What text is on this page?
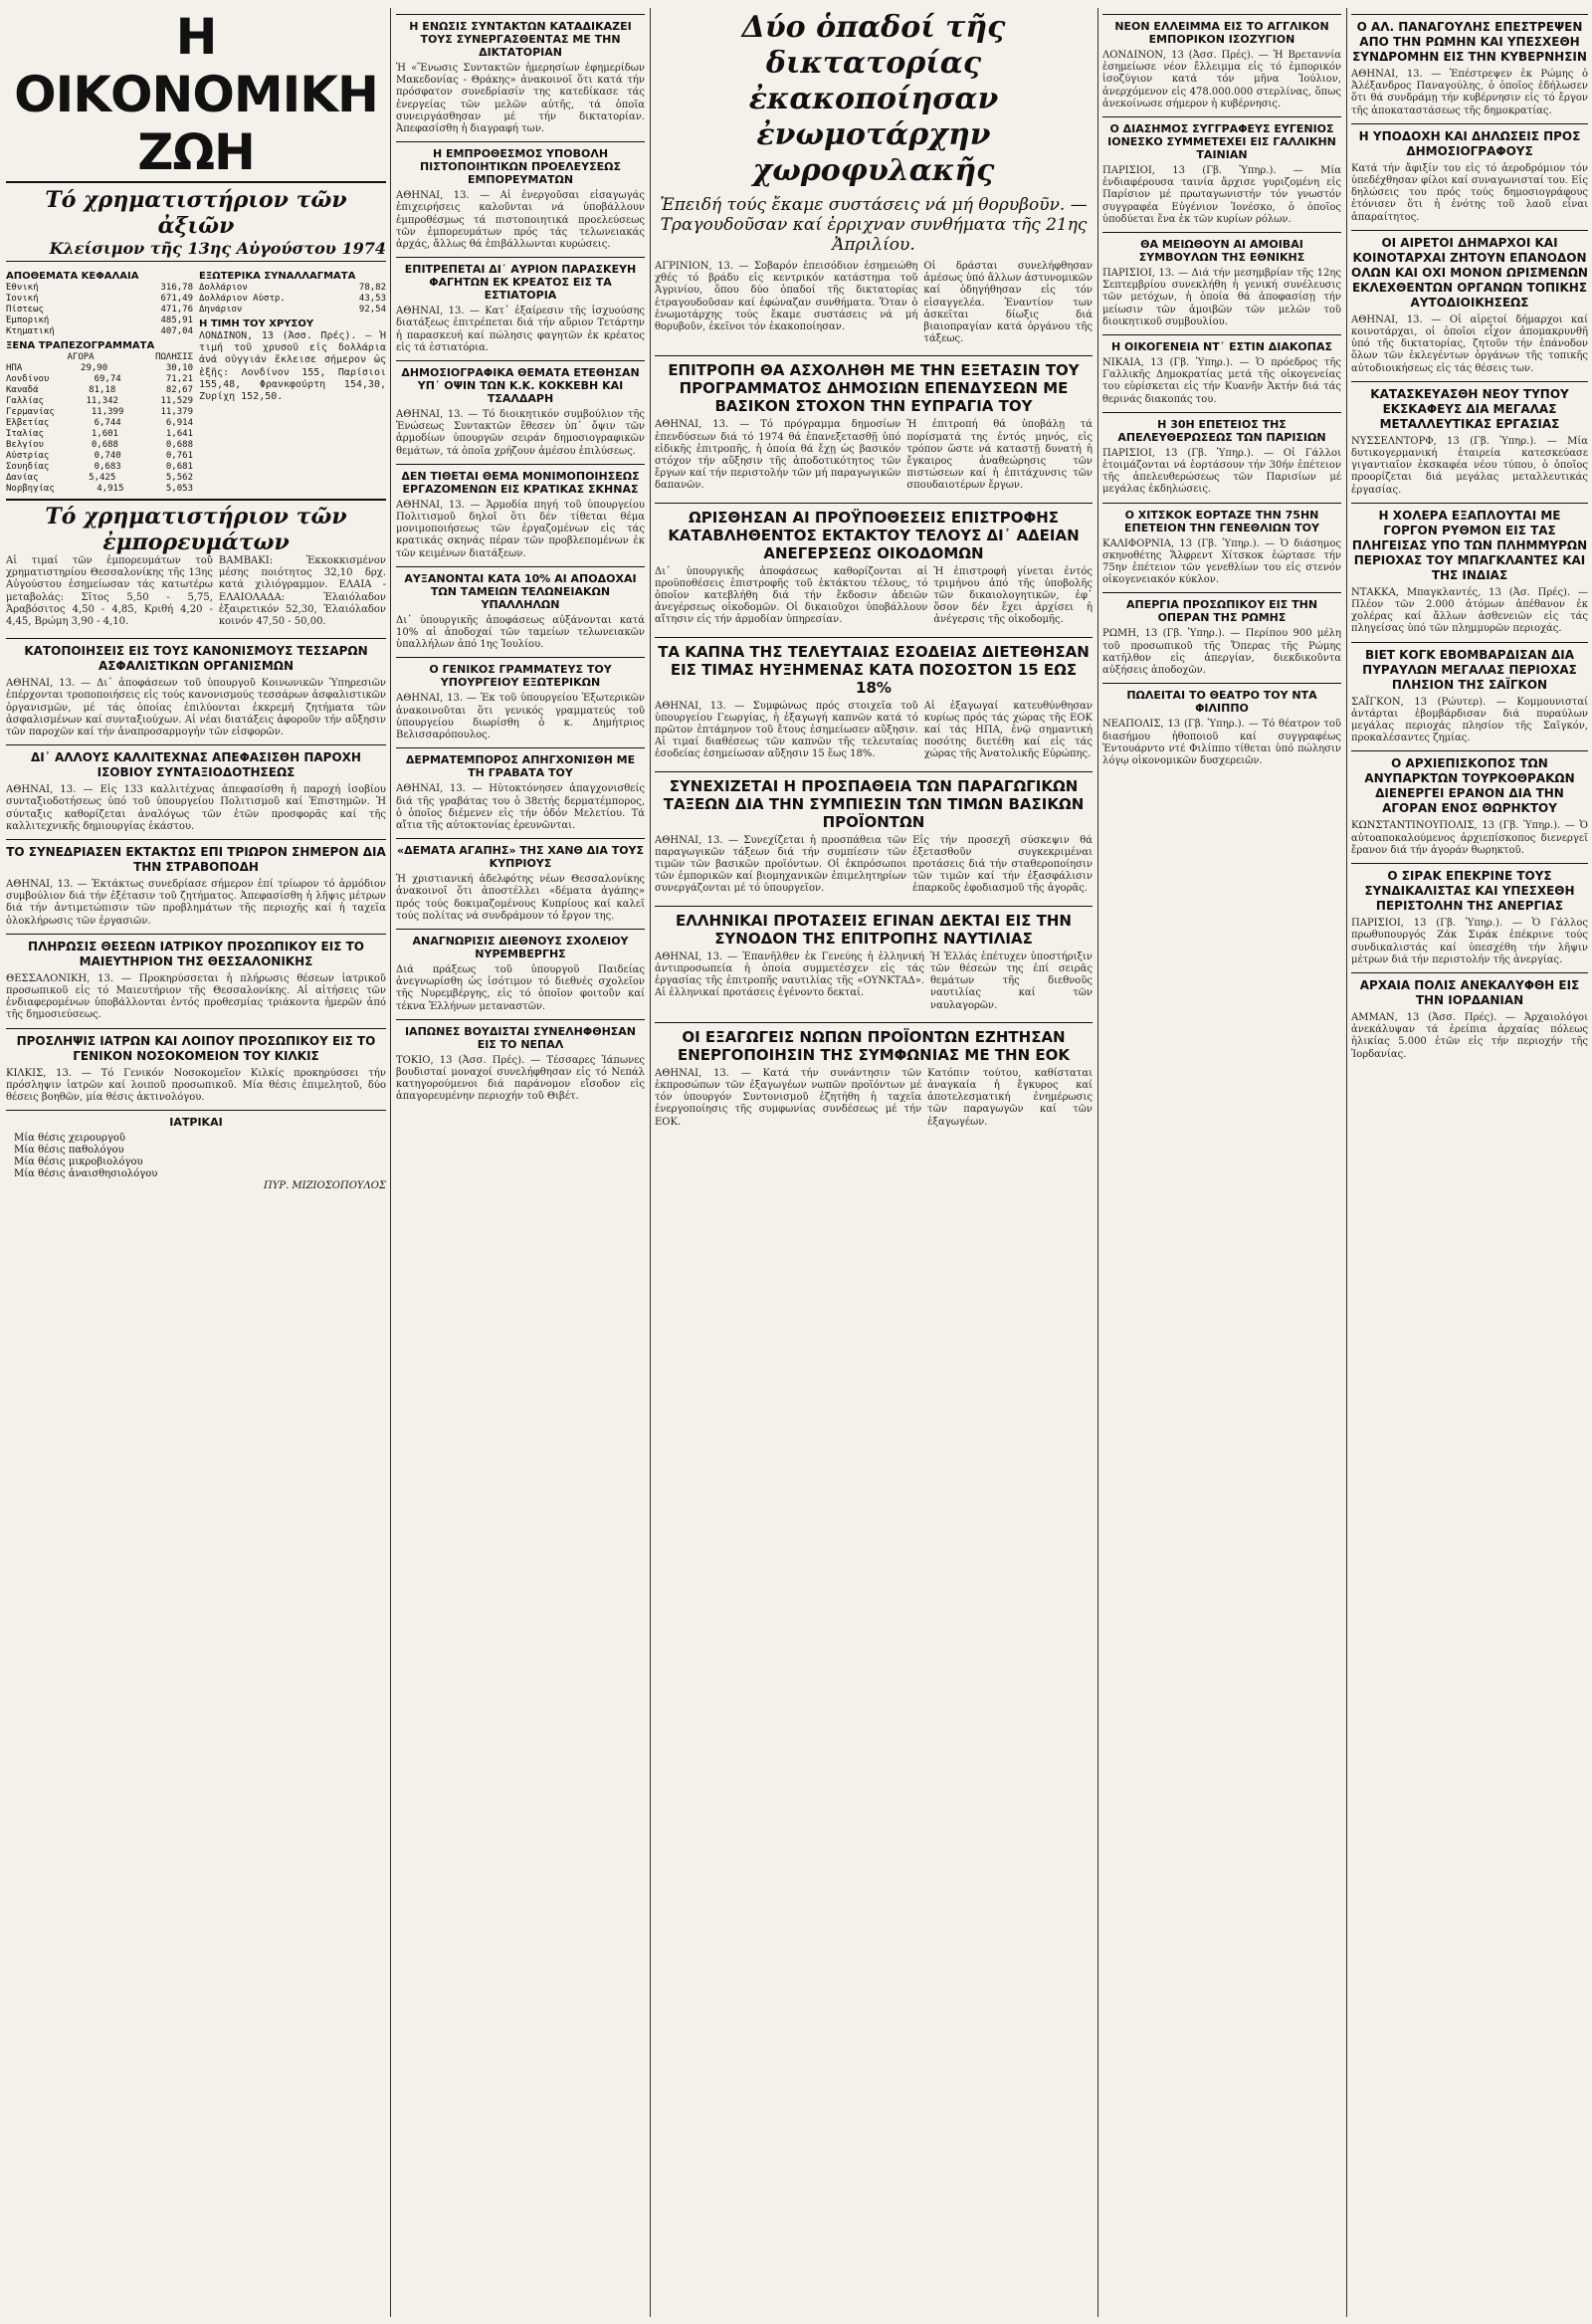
Η ΟΙΚΟΝΟΜΙΚΗ ΖΩΗ
Τό χρηματιστήριον τῶν ἀξιῶν
Κλείσιμον τῆς 13ης Αὐγούστου 1974
ΑΠΟΘΕΜΑΤΑ ΚΕΦΑΛΑΙΑ
Ἐθνική	316,78
Ἰονική	671,49
Πίστεως	471,76
Ἐμπορική	485,91
Κτηματική	407,04
ΞΕΝΑ ΤΡΑΠΕΖΟΓΡΑΜΜΑΤΑ
ΑΓΟΡΑ	ΠΩΛΗΣΙΣ
ΗΠΑ	29,90	30,10
Λονδίνου	69,74	71,21
Καναδά	81,18	82,67
Γαλλίας	11,342	11,529
Γερμανίας	11,399	11,379
Ἑλβετίας	6,744	6,914
Ἰταλίας	1,601	1,641
Βελγίου	0,688	0,688
Αὐστρίας	0,740	0,761
Σουηδίας	0,683	0,681
Δανίας	5,425	5,562
Νορβηγίας	4,915	5,053
ΕΞΩΤΕΡΙΚΑ ΣΥΝΑΛΛΑΓΜΑΤΑ
Δολλάριον	78,82
Δολλάριον Αὐστρ.	43,53
Δηνάριον	92,54
Η ΤΙΜΗ ΤΟΥ ΧΡΥΣΟΥ

ΛΟΝΔΙΝΟΝ, 13 (Ἀσσ. Πρές). — Ἡ τιμή τοῦ χρυσοῦ εἰς δολλάρια ἀνά οὐγγιάν ἔκλεισε σήμερον ὡς ἑξῆς: Λονδίνον 155, Παρίσιοι 155,48, Φρανκφούρτη 154,30, Ζυρίχη 152,50.

Τό χρηματιστήριον τῶν ἐμπορευμάτων

Αἱ τιμαί τῶν ἐμπορευμάτων τοῦ χρηματιστηρίου Θεσσαλονίκης τῆς 13ης Αὐγούστου ἐσημείωσαν τάς κατωτέρω μεταβολάς: Σῖτος 5,50 - 5,75, Ἀραβόσιτος 4,50 - 4,85, Κριθή 4,20 - 4,45, Βρώμη 3,90 - 4,10.

ΒΑΜΒΑΚΙ: Ἐκκοκκισμένον μέσης ποιότητος 32,10 δρχ. κατά χιλιόγραμμον. ΕΛΑΙΑ - ΕΛΑΙΟΛΑΔΑ: Ἐλαιόλαδον ἐξαιρετικόν 52,30, Ἐλαιόλαδον κοινόν 47,50 - 50,00.

ΚΑΤΟΠΟΙΗΣΕΙΣ ΕΙΣ ΤΟΥΣ ΚΑΝΟΝΙΣΜΟΥΣ ΤΕΣΣΑΡΩΝ ΑΣΦΑΛΙΣΤΙΚΩΝ ΟΡΓΑΝΙΣΜΩΝ

ΑΘΗΝΑΙ, 13. — Δι᾿ ἀποφάσεων τοῦ ὑπουργοῦ Κοινωνικῶν Ὑπηρεσιῶν ἐπέρχονται τροποποιήσεις εἰς τούς κανονισμούς τεσσάρων ἀσφαλιστικῶν ὀργανισμῶν, μέ τάς ὁποίας ἐπιλύονται ἐκκρεμή ζητήματα τῶν ἀσφαλισμένων καί συνταξιούχων. Αἱ νέαι διατάξεις ἀφοροῦν τήν αὔξησιν τῶν παροχῶν καί τήν ἀναπροσαρμογήν τῶν εἰσφορῶν.

ΔΙ᾿ ΑΛΛΟΥΣ ΚΑΛΛΙΤΕΧΝΑΣ ΑΠΕΦΑΣΙΣΘΗ ΠΑΡΟΧΗ ΙΣΟΒΙΟΥ ΣΥΝΤΑΞΙΟΔΟΤΗΣΕΩΣ

ΑΘΗΝΑΙ, 13. — Εἰς 133 καλλιτέχνας ἀπεφασίσθη ἡ παροχή ἰσοβίου συνταξιοδοτήσεως ὑπό τοῦ ὑπουργείου Πολιτισμοῦ καί Ἐπιστημῶν. Ἡ σύνταξις καθορίζεται ἀναλόγως τῶν ἐτῶν προσφορᾶς καί τῆς καλλιτεχνικῆς δημιουργίας ἑκάστου.

ΤΟ ΣΥΝΕΔΡΙΑΣΕΝ ΕΚΤΑΚΤΩΣ ΕΠΙ ΤΡΙΩΡΟΝ ΣΗΜΕΡΟΝ ΔΙΑ ΤΗΝ ΣΤΡΑΒΟΠΟΔΗ

ΑΘΗΝΑΙ, 13. — Ἐκτάκτως συνεδρίασε σήμερον ἐπί τρίωρον τό ἁρμόδιον συμβούλιον διά τήν ἐξέτασιν τοῦ ζητήματος. Ἀπεφασίσθη ἡ λῆψις μέτρων διά τήν ἀντιμετώπισιν τῶν προβλημάτων τῆς περιοχῆς καί ἡ ταχεῖα ὁλοκλήρωσις τῶν ἐργασιῶν.

ΠΛΗΡΩΣΙΣ ΘΕΣΕΩΝ ΙΑΤΡΙΚΟΥ ΠΡΟΣΩΠΙΚΟΥ ΕΙΣ ΤΟ ΜΑΙΕΥΤΗΡΙΟΝ ΤΗΣ ΘΕΣΣΑΛΟΝΙΚΗΣ

ΘΕΣΣΑΛΟΝΙΚΗ, 13. — Προκηρύσσεται ἡ πλήρωσις θέσεων ἰατρικοῦ προσωπικοῦ εἰς τό Μαιευτήριον τῆς Θεσσαλονίκης. Αἱ αἰτήσεις τῶν ἐνδιαφερομένων ὑποβάλλονται ἐντός προθεσμίας τριάκοντα ἡμερῶν ἀπό τῆς δημοσιεύσεως.

ΠΡΟΣΛΗΨΙΣ ΙΑΤΡΩΝ ΚΑΙ ΛΟΙΠΟΥ ΠΡΟΣΩΠΙΚΟΥ ΕΙΣ ΤΟ ΓΕΝΙΚΟΝ ΝΟΣΟΚΟΜΕΙΟΝ ΤΟΥ ΚΙΛΚΙΣ

ΚΙΛΚΙΣ, 13. — Τό Γενικόν Νοσοκομεῖον Κιλκίς προκηρύσσει τήν πρόσληψιν ἰατρῶν καί λοιποῦ προσωπικοῦ. Μία θέσις ἐπιμελητοῦ, δύο θέσεις βοηθῶν, μία θέσις ἀκτινολόγου.

ΙΑΤΡΙΚΑΙ
Μία θέσις χειρουργοῦ
Μία θέσις παθολόγου
Μία θέσις μικροβιολόγου
Μία θέσις ἀναισθησιολόγου
ΠΥΡ. ΜΙΖΙΟΣΟΠΟΥΛΟΣ
Η ΕΝΩΣΙΣ ΣΥΝΤΑΚΤΩΝ ΚΑΤΑΔΙΚΑΖΕΙ ΤΟΥΣ ΣΥΝΕΡΓΑΣΘΕΝΤΑΣ ΜΕ ΤΗΝ ΔΙΚΤΑΤΟΡΙΑΝ

Ἡ «Ἕνωσις Συντακτῶν ἡμερησίων ἐφημερίδων Μακεδονίας - Θράκης» ἀνακοινοῖ ὅτι κατά τήν πρόσφατον συνεδρίασίν της κατεδίκασε τάς ἐνεργείας τῶν μελῶν αὐτῆς, τά ὁποῖα συνειργάσθησαν μέ τήν δικτατορίαν. Ἀπεφασίσθη ἡ διαγραφή των.

Η ΕΜΠΡΟΘΕΣΜΟΣ ΥΠΟΒΟΛΗ ΠΙΣΤΟΠΟΙΗΤΙΚΩΝ ΠΡΟΕΛΕΥΣΕΩΣ ΕΜΠΟΡΕΥΜΑΤΩΝ

ΑΘΗΝΑΙ, 13. — Αἱ ἐνεργοῦσαι εἰσαγωγάς ἐπιχειρήσεις καλοῦνται νά ὑποβάλλουν ἐμπροθέσμως τά πιστοποιητικά προελεύσεως τῶν ἐμπορευμάτων πρός τάς τελωνειακάς ἀρχάς, ἄλλως θά ἐπιβάλλωνται κυρώσεις.

ΕΠΙΤΡΕΠΕΤΑΙ ΔΙ᾿ ΑΥΡΙΟΝ ΠΑΡΑΣΚΕΥΗ ΦΑΓΗΤΩΝ ΕΚ ΚΡΕΑΤΟΣ ΕΙΣ ΤΑ ΕΣΤΙΑΤΟΡΙΑ

ΑΘΗΝΑΙ, 13. — Κατ᾿ ἐξαίρεσιν τῆς ἰσχυούσης διατάξεως ἐπιτρέπεται διά τήν αὔριον Τετάρτην ἡ παρασκευή καί πώλησις φαγητῶν ἐκ κρέατος εἰς τά ἑστιατόρια.

ΔΗΜΟΣΙΟΓΡΑΦΙΚΑ ΘΕΜΑΤΑ ΕΤΕΘΗΣΑΝ ΥΠ᾿ ΟΨΙΝ ΤΩΝ Κ.Κ. ΚΟΚΚΕΒΗ ΚΑΙ ΤΣΑΛΔΑΡΗ

ΑΘΗΝΑΙ, 13. — Τό διοικητικόν συμβούλιον τῆς Ἑνώσεως Συντακτῶν ἔθεσεν ὑπ᾿ ὄψιν τῶν ἁρμοδίων ὑπουργῶν σειράν δημοσιογραφικῶν θεμάτων, τά ὁποῖα χρήζουν ἀμέσου ἐπιλύσεως.

ΔΕΝ ΤΙΘΕΤΑΙ ΘΕΜΑ ΜΟΝΙΜΟΠΟΙΗΣΕΩΣ ΕΡΓΑΖΟΜΕΝΩΝ ΕΙΣ ΚΡΑΤΙΚΑΣ ΣΚΗΝΑΣ

ΑΘΗΝΑΙ, 13. — Ἁρμοδία πηγή τοῦ ὑπουργείου Πολιτισμοῦ δηλοῖ ὅτι δέν τίθεται θέμα μονιμοποιήσεως τῶν ἐργαζομένων εἰς τάς κρατικάς σκηνάς πέραν τῶν προβλεπομένων ἐκ τῶν κειμένων διατάξεων.

ΑΥΞΑΝΟΝΤΑΙ ΚΑΤΑ 10% ΑΙ ΑΠΟΔΟΧΑΙ ΤΩΝ ΤΑΜΕΙΩΝ ΤΕΛΩΝΕΙΑΚΩΝ ΥΠΑΛΛΗΛΩΝ

Δι᾿ ὑπουργικῆς ἀποφάσεως αὐξάνονται κατά 10% αἱ ἀποδοχαί τῶν ταμείων τελωνειακῶν ὑπαλλήλων ἀπό 1ης Ἰουλίου.

Ο ΓΕΝΙΚΟΣ ΓΡΑΜΜΑΤΕΥΣ ΤΟΥ ΥΠΟΥΡΓΕΙΟΥ ΕΞΩΤΕΡΙΚΩΝ

ΑΘΗΝΑΙ, 13. — Ἐκ τοῦ ὑπουργείου Ἐξωτερικῶν ἀνακοινοῦται ὅτι γενικός γραμματεύς τοῦ ὑπουργείου διωρίσθη ὁ κ. Δημήτριος Βελισσαρόπουλος.

ΔΕΡΜΑΤΕΜΠΟΡΟΣ ΑΠΗΓΧΟΝΙΣΘΗ ΜΕ ΤΗ ΓΡΑΒΑΤΑ ΤΟΥ

ΑΘΗΝΑΙ, 13. — Ηὑτοκτόνησεν ἀπαγχονισθείς διά τῆς γραβάτας του ὁ 38ετής δερματέμπορος, ὁ ὁποῖος διέμενεν εἰς τήν ὁδόν Μελετίου. Τά αἴτια τῆς αὐτοκτονίας ἐρευνῶνται.

«ΔΕΜΑΤΑ ΑΓΑΠΗΣ» ΤΗΣ ΧΑΝΘ ΔΙΑ ΤΟΥΣ ΚΥΠΡΙΟΥΣ

Ἡ χριστιανική ἀδελφότης νέων Θεσσαλονίκης ἀνακοινοῖ ὅτι ἀποστέλλει «δέματα ἀγάπης» πρός τούς δοκιμαζομένους Κυπρίους καί καλεῖ τούς πολίτας νά συνδράμουν τό ἔργον της.

ΑΝΑΓΝΩΡΙΣΙΣ ΔΙΕΘΝΟΥΣ ΣΧΟΛΕΙΟΥ ΝΥΡΕΜΒΕΡΓΗΣ

Διά πράξεως τοῦ ὑπουργοῦ Παιδείας ἀνεγνωρίσθη ὡς ἰσότιμον τό διεθνές σχολεῖον τῆς Νυρεμβέργης, εἰς τό ὁποῖον φοιτοῦν καί τέκνα Ἑλλήνων μεταναστῶν.

ΙΑΠΩΝΕΣ ΒΟΥΔΙΣΤΑΙ ΣΥΝΕΛΗΦΘΗΣΑΝ ΕΙΣ ΤΟ ΝΕΠΑΛ

ΤΟΚΙΟ, 13 (Ἀσσ. Πρές). — Τέσσαρες Ἰάπωνες βουδισταί μοναχοί συνελήφθησαν εἰς τό Νεπάλ κατηγορούμενοι διά παράνομον εἴσοδον εἰς ἀπαγορευμένην περιοχήν τοῦ Θιβέτ.

Δύο ὁπαδοί τῆς δικτατορίας ἐκακοποίησαν ἐνωμοτάρχην χωροφυλακῆς
Ἐπειδή τούς ἔκαμε συστάσεις νά μή θορυβοῦν. — Τραγουδοῦσαν καί ἐρριχναν συνθήματα τῆς 21ης Ἀπριλίου.

ΑΓΡΙΝΙΟΝ, 13. — Σοβαρόν ἐπεισόδιον ἐσημειώθη χθές τό βράδυ εἰς κεντρικόν κατάστημα τοῦ Ἀγρινίου, ὅπου δύο ὁπαδοί τῆς δικτατορίας ἐτραγουδοῦσαν καί ἐφώναζαν συνθήματα. Ὅταν ὁ ἐνωμοτάρχης τούς ἔκαμε συστάσεις νά μή θορυβοῦν, ἐκεῖνοι τόν ἐκακοποίησαν.

Οἱ δράσται συνελήφθησαν ἀμέσως ὑπό ἄλλων ἀστυνομικῶν καί ὁδηγήθησαν εἰς τόν εἰσαγγελέα. Ἐναντίον των ἀσκεῖται δίωξις διά βιαιοπραγίαν κατά ὀργάνου τῆς τάξεως.

ΕΠΙΤΡΟΠΗ ΘΑ ΑΣΧΟΛΗΘΗ ΜΕ ΤΗΝ ΕΞΕΤΑΣΙΝ ΤΟΥ ΠΡΟΓΡΑΜΜΑΤΟΣ ΔΗΜΟΣΙΩΝ ΕΠΕΝΔΥΣΕΩΝ ΜΕ ΒΑΣΙΚΟΝ ΣΤΟΧΟΝ ΤΗΝ ΕΥΠΡΑΓΙΑ ΤΟΥ

ΑΘΗΝΑΙ, 13. — Τό πρόγραμμα δημοσίων ἐπενδύσεων διά τό 1974 θά ἐπανεξετασθῇ ὑπό εἰδικῆς ἐπιτροπῆς, ἡ ὁποία θά ἔχῃ ὡς βασικόν στόχον τήν αὔξησιν τῆς ἀποδοτικότητος τῶν ἔργων καί τήν περιστολήν τῶν μή παραγωγικῶν δαπανῶν.

Ἡ ἐπιτροπή θά ὑποβάλῃ τά πορίσματά της ἐντός μηνός, εἰς τρόπον ὥστε νά καταστῇ δυνατή ἡ ἔγκαιρος ἀναθεώρησις τῶν πιστώσεων καί ἡ ἐπιτάχυνσις τῶν σπουδαιοτέρων ἔργων.

ΩΡΙΣΘΗΣΑΝ ΑΙ ΠΡΟΫΠΟΘΕΣΕΙΣ ΕΠΙΣΤΡΟΦΗΣ ΚΑΤΑΒΛΗΘΕΝΤΟΣ ΕΚΤΑΚΤΟΥ ΤΕΛΟΥΣ ΔΙ᾿ ΑΔΕΙΑΝ ΑΝΕΓΕΡΣΕΩΣ ΟΙΚΟΔΟΜΩΝ

Δι᾿ ὑπουργικῆς ἀποφάσεως καθορίζονται αἱ προϋποθέσεις ἐπιστροφῆς τοῦ ἐκτάκτου τέλους, τό ὁποῖον κατεβλήθη διά τήν ἔκδοσιν ἀδειῶν ἀνεγέρσεως οἰκοδομῶν. Οἱ δικαιοῦχοι ὑποβάλλουν αἴτησιν εἰς τήν ἁρμοδίαν ὑπηρεσίαν.

Ἡ ἐπιστροφή γίνεται ἐντός τριμήνου ἀπό τῆς ὑποβολῆς τῶν δικαιολογητικῶν, ἐφ᾿ ὅσον δέν ἔχει ἀρχίσει ἡ ἀνέγερσις τῆς οἰκοδομῆς.

ΤΑ ΚΑΠΝΑ ΤΗΣ ΤΕΛΕΥΤΑΙΑΣ ΕΣΟΔΕΙΑΣ ΔΙΕΤΕΘΗΣΑΝ ΕΙΣ ΤΙΜΑΣ ΗΥΞΗΜΕΝΑΣ ΚΑΤΑ ΠΟΣΟΣΤΟΝ 15 ΕΩΣ 18%

ΑΘΗΝΑΙ, 13. — Συμφώνως πρός στοιχεῖα τοῦ ὑπουργείου Γεωργίας, ἡ ἐξαγωγή καπνῶν κατά τό πρῶτον ἑπτάμηνον τοῦ ἔτους ἐσημείωσεν αὔξησιν. Αἱ τιμαί διαθέσεως τῶν καπνῶν τῆς τελευταίας ἐσοδείας ἐσημείωσαν αὔξησιν 15 ἕως 18%.

Αἱ ἐξαγωγαί κατευθύνθησαν κυρίως πρός τάς χώρας τῆς ΕΟΚ καί τάς ΗΠΑ, ἐνῷ σημαντική ποσότης διετέθη καί εἰς τάς χώρας τῆς Ἀνατολικῆς Εὐρώπης.

ΣΥΝΕΧΙΖΕΤΑΙ Η ΠΡΟΣΠΑΘΕΙΑ ΤΩΝ ΠΑΡΑΓΩΓΙΚΩΝ ΤΑΞΕΩΝ ΔΙΑ ΤΗΝ ΣΥΜΠΙΕΣΙΝ ΤΩΝ ΤΙΜΩΝ ΒΑΣΙΚΩΝ ΠΡΟΪΟΝΤΩΝ

ΑΘΗΝΑΙ, 13. — Συνεχίζεται ἡ προσπάθεια τῶν παραγωγικῶν τάξεων διά τήν συμπίεσιν τῶν τιμῶν τῶν βασικῶν προϊόντων. Οἱ ἐκπρόσωποι τῶν ἐμπορικῶν καί βιομηχανικῶν ἐπιμελητηρίων συνεργάζονται μέ τό ὑπουργεῖον.

Εἰς τήν προσεχῆ σύσκεψιν θά ἐξετασθοῦν συγκεκριμέναι προτάσεις διά τήν σταθεροποίησιν τῶν τιμῶν καί τήν ἐξασφάλισιν ἐπαρκοῦς ἐφοδιασμοῦ τῆς ἀγορᾶς.

ΕΛΛΗΝΙΚΑΙ ΠΡΟΤΑΣΕΙΣ ΕΓΙΝΑΝ ΔΕΚΤΑΙ ΕΙΣ ΤΗΝ ΣΥΝΟΔΟΝ ΤΗΣ ΕΠΙΤΡΟΠΗΣ ΝΑΥΤΙΛΙΑΣ

ΑΘΗΝΑΙ, 13. — Ἐπανῆλθεν ἐκ Γενεύης ἡ ἑλληνική ἀντιπροσωπεία ἡ ὁποία συμμετέσχεν εἰς τάς ἐργασίας τῆς ἐπιτροπῆς ναυτιλίας τῆς «ΟΥΝΚΤΑΔ». Αἱ ἑλληνικαί προτάσεις ἐγένοντο δεκταί.

Ἡ Ἑλλάς ἐπέτυχεν ὑποστήριξιν τῶν θέσεών της ἐπί σειρᾶς θεμάτων τῆς διεθνοῦς ναυτιλίας καί τῶν ναυλαγορῶν.

ΟΙ ΕΞΑΓΩΓΕΙΣ ΝΩΠΩΝ ΠΡΟΪΟΝΤΩΝ ΕΖΗΤΗΣΑΝ ΕΝΕΡΓΟΠΟΙΗΣΙΝ ΤΗΣ ΣΥΜΦΩΝΙΑΣ ΜΕ ΤΗΝ ΕΟΚ

ΑΘΗΝΑΙ, 13. — Κατά τήν συνάντησιν τῶν ἐκπροσώπων τῶν ἐξαγωγέων νωπῶν προϊόντων μέ τόν ὑπουργόν Συντονισμοῦ ἐζητήθη ἡ ταχεῖα ἐνεργοποίησις τῆς συμφωνίας συνδέσεως μέ τήν ΕΟΚ.

Κατόπιν τούτου, καθίσταται ἀναγκαία ἡ ἔγκυρος καί ἀποτελεσματική ἐνημέρωσις τῶν παραγωγῶν καί τῶν ἐξαγωγέων.

ΝΕΟΝ ΕΛΛΕΙΜΜΑ ΕΙΣ ΤΟ ΑΓΓΛΙΚΟΝ ΕΜΠΟΡΙΚΟΝ ΙΣΟΖΥΓΙΟΝ

ΛΟΝΔΙΝΟΝ, 13 (Ἀσσ. Πρές). — Ἡ Βρεταννία ἐσημείωσε νέον ἔλλειμμα εἰς τό ἐμπορικόν ἰσοζύγιον κατά τόν μῆνα Ἰούλιον, ἀνερχόμενον εἰς 478.000.000 στερλίνας, ὅπως ἀνεκοίνωσε σήμερον ἡ κυβέρνησις.

Ο ΔΙΑΣΗΜΟΣ ΣΥΓΓΡΑΦΕΥΣ ΕΥΓΕΝΙΟΣ ΙΟΝΕΣΚΟ ΣΥΜΜΕΤΕΧΕΙ ΕΙΣ ΓΑΛΛΙΚΗΝ ΤΑΙΝΙΑΝ

ΠΑΡΙΣΙΟΙ, 13 (Γβ. Ὑπηρ.). — Μία ἐνδιαφέρουσα ταινία ἄρχισε γυριζομένη εἰς Παρίσιον μέ πρωταγωνιστήν τόν γνωστόν συγγραφέα Εὐγένιον Ἰονέσκο, ὁ ὁποῖος ὑποδύεται ἕνα ἐκ τῶν κυρίων ρόλων.

ΘΑ ΜΕΙΩΘΟΥΝ ΑΙ ΑΜΟΙΒΑΙ ΣΥΜΒΟΥΛΩΝ ΤΗΣ ΕΘΝΙΚΗΣ

ΠΑΡΙΣΙΟΙ, 13. — Διά τήν μεσημβρίαν τῆς 12ης Σεπτεμβρίου συνεκλήθη ἡ γενική συνέλευσις τῶν μετόχων, ἡ ὁποία θά ἀποφασίσῃ τήν μείωσιν τῶν ἀμοιβῶν τῶν μελῶν τοῦ διοικητικοῦ συμβουλίου.

Η ΟΙΚΟΓΕΝΕΙΑ ΝΤ᾿ ΕΣΤΙΝ ΔΙΑΚΟΠΑΣ

ΝΙΚΑΙΑ, 13 (Γβ. Ὑπηρ.). — Ὁ πρόεδρος τῆς Γαλλικῆς Δημοκρατίας μετά τῆς οἰκογενείας του εὑρίσκεται εἰς τήν Κυανῆν Ἀκτήν διά τάς θερινάς διακοπάς του.

Η 30Η ΕΠΕΤΕΙΟΣ ΤΗΣ ΑΠΕΛΕΥΘΕΡΩΣΕΩΣ ΤΩΝ ΠΑΡΙΣΙΩΝ

ΠΑΡΙΣΙΟΙ, 13 (Γβ. Ὑπηρ.). — Οἱ Γάλλοι ἑτοιμάζονται νά ἑορτάσουν τήν 30ήν ἐπέτειον τῆς ἀπελευθερώσεως τῶν Παρισίων μέ μεγάλας ἐκδηλώσεις.

Ο ΧΙΤΣΚΟΚ ΕΟΡΤΑΖΕ ΤΗΝ 75ΗΝ ΕΠΕΤΕΙΟΝ ΤΗΝ ΓΕΝΕΘΛΙΩΝ ΤΟΥ

ΚΑΛΙΦΟΡΝΙΑ, 13 (Γβ. Ὑπηρ.). — Ὁ διάσημος σκηνοθέτης Ἄλφρεντ Χίτσκοκ ἑώρτασε τήν 75ην ἐπέτειον τῶν γενεθλίων του εἰς στενόν οἰκογενειακόν κύκλον.

ΑΠΕΡΓΙΑ ΠΡΟΣΩΠΙΚΟΥ ΕΙΣ ΤΗΝ ΟΠΕΡΑΝ ΤΗΣ ΡΩΜΗΣ

ΡΩΜΗ, 13 (Γβ. Ὑπηρ.). — Περίπου 900 μέλη τοῦ προσωπικοῦ τῆς Ὄπερας τῆς Ρώμης κατῆλθον εἰς ἀπεργίαν, διεκδικοῦντα αὐξήσεις ἀποδοχῶν.

ΠΩΛΕΙΤΑΙ ΤΟ ΘΕΑΤΡΟ ΤΟΥ ΝΤΑ ΦΙΛΙΠΠΟ

ΝΕΑΠΟΛΙΣ, 13 (Γβ. Ὑπηρ.). — Τό θέατρον τοῦ διασήμου ἠθοποιοῦ καί συγγραφέως Ἐντουάρντο ντέ Φιλίππο τίθεται ὑπό πώλησιν λόγῳ οἰκονομικῶν δυσχερειῶν.

Ο ΑΛ. ΠΑΝΑΓΟΥΛΗΣ ΕΠΕΣΤΡΕΨΕΝ ΑΠΟ ΤΗΝ ΡΩΜΗΝ ΚΑΙ ΥΠΕΣΧΕΘΗ ΣΥΝΔΡΟΜΗΝ ΕΙΣ ΤΗΝ ΚΥΒΕΡΝΗΣΙΝ

ΑΘΗΝΑΙ, 13. — Ἐπέστρεψεν ἐκ Ρώμης ὁ Ἀλέξανδρος Παναγούλης, ὁ ὁποῖος ἐδήλωσεν ὅτι θά συνδράμῃ τήν κυβέρνησιν εἰς τό ἔργον τῆς ἀποκαταστάσεως τῆς δημοκρατίας.

Η ΥΠΟΔΟΧΗ ΚΑΙ ΔΗΛΩΣΕΙΣ ΠΡΟΣ ΔΗΜΟΣΙΟΓΡΑΦΟΥΣ

Κατά τήν ἄφιξίν του εἰς τό ἀεροδρόμιον τόν ὑπεδέχθησαν φίλοι καί συναγωνισταί του. Εἰς δηλώσεις του πρός τούς δημοσιογράφους ἐτόνισεν ὅτι ἡ ἐνότης τοῦ λαοῦ εἶναι ἀπαραίτητος.

ΟΙ ΑΙΡΕΤΟΙ ΔΗΜΑΡΧΟΙ ΚΑΙ ΚΟΙΝΟΤΑΡΧΑΙ ΖΗΤΟΥΝ ΕΠΑΝΟΔΟΝ ΟΛΩΝ ΚΑΙ ΟΧΙ ΜΟΝΟΝ ΩΡΙΣΜΕΝΩΝ ΕΚΛΕΧΘΕΝΤΩΝ ΟΡΓΑΝΩΝ ΤΟΠΙΚΗΣ ΑΥΤΟΔΙΟΙΚΗΣΕΩΣ

ΑΘΗΝΑΙ, 13. — Οἱ αἱρετοί δήμαρχοι καί κοινοτάρχαι, οἱ ὁποῖοι εἶχον ἀπομακρυνθῆ ὑπό τῆς δικτατορίας, ζητοῦν τήν ἐπάνοδον ὅλων τῶν ἐκλεγέντων ὀργάνων τῆς τοπικῆς αὐτοδιοικήσεως εἰς τάς θέσεις των.

ΚΑΤΑΣΚΕΥΑΣΘΗ ΝΕΟΥ ΤΥΠΟΥ ΕΚΣΚΑΦΕΥΣ ΔΙΑ ΜΕΓΑΛΑΣ ΜΕΤΑΛΛΕΥΤΙΚΑΣ ΕΡΓΑΣΙΑΣ

ΝΥΣΣΕΛΝΤΟΡΦ, 13 (Γβ. Ὑπηρ.). — Μία δυτικογερμανική ἑταιρεία κατεσκεύασε γιγαντιαῖον ἐκσκαφέα νέου τύπου, ὁ ὁποῖος προορίζεται διά μεγάλας μεταλλευτικάς ἐργασίας.

Η ΧΟΛΕΡΑ ΕΞΑΠΛΟΥΤΑΙ ΜΕ ΓΟΡΓΟΝ ΡΥΘΜΟΝ ΕΙΣ ΤΑΣ ΠΛΗΓΕΙΣΑΣ ΥΠΟ ΤΩΝ ΠΛΗΜΜΥΡΩΝ ΠΕΡΙΟΧΑΣ ΤΟΥ ΜΠΑΓΚΛΑΝΤΕΣ ΚΑΙ ΤΗΣ ΙΝΔΙΑΣ

ΝΤΑΚΚΑ, Μπαγκλαντές, 13 (Ἀσ. Πρές). — Πλέον τῶν 2.000 ἀτόμων ἀπέθανον ἐκ χολέρας καί ἄλλων ἀσθενειῶν εἰς τάς πληγείσας ὑπό τῶν πλημμυρῶν περιοχάς.

ΒΙΕΤ ΚΟΓΚ ΕΒΟΜΒΑΡΔΙΣΑΝ ΔΙΑ ΠΥΡΑΥΛΩΝ ΜΕΓΑΛΑΣ ΠΕΡΙΟΧΑΣ ΠΛΗΣΙΟΝ ΤΗΣ ΣΑΪΓΚΟΝ

ΣΑΪΓΚΟΝ, 13 (Ρώυτερ). — Κομμουνισταί ἀντάρται ἐβομβάρδισαν διά πυραύλων μεγάλας περιοχάς πλησίον τῆς Σαϊγκόν, προκαλέσαντες ζημίας.

Ο ΑΡΧΙΕΠΙΣΚΟΠΟΣ ΤΩΝ ΑΝΥΠΑΡΚΤΩΝ ΤΟΥΡΚΟΘΡΑΚΩΝ ΔΙΕΝΕΡΓΕΙ ΕΡΑΝΟΝ ΔΙΑ ΤΗΝ ΑΓΟΡΑΝ ΕΝΟΣ ΘΩΡΗΚΤΟΥ

ΚΩΝΣΤΑΝΤΙΝΟΥΠΟΛΙΣ, 13 (Γβ. Ὑπηρ.). — Ὁ αὐτοαποκαλούμενος ἀρχιεπίσκοπος διενεργεῖ ἔρανον διά τήν ἀγοράν θωρηκτοῦ.

Ο ΣΙΡΑΚ ΕΠΕΚΡΙΝΕ ΤΟΥΣ ΣΥΝΔΙΚΑΛΙΣΤΑΣ ΚΑΙ ΥΠΕΣΧΕΘΗ ΠΕΡΙΣΤΟΛΗΝ ΤΗΣ ΑΝΕΡΓΙΑΣ

ΠΑΡΙΣΙΟΙ, 13 (Γβ. Ὑπηρ.). — Ὁ Γάλλος πρωθυπουργός Ζάκ Σιράκ ἐπέκρινε τούς συνδικαλιστάς καί ὑπεσχέθη τήν λῆψιν μέτρων διά τήν περιστολήν τῆς ἀνεργίας.

ΑΡΧΑΙΑ ΠΟΛΙΣ ΑΝΕΚΑΛΥΦΘΗ ΕΙΣ ΤΗΝ ΙΟΡΔΑΝΙΑΝ

ΑΜΜΑΝ, 13 (Ἀσσ. Πρές). — Ἀρχαιολόγοι ἀνεκάλυψαν τά ἐρείπια ἀρχαίας πόλεως ἡλικίας 5.000 ἐτῶν εἰς τήν περιοχήν τῆς Ἰορδανίας.
